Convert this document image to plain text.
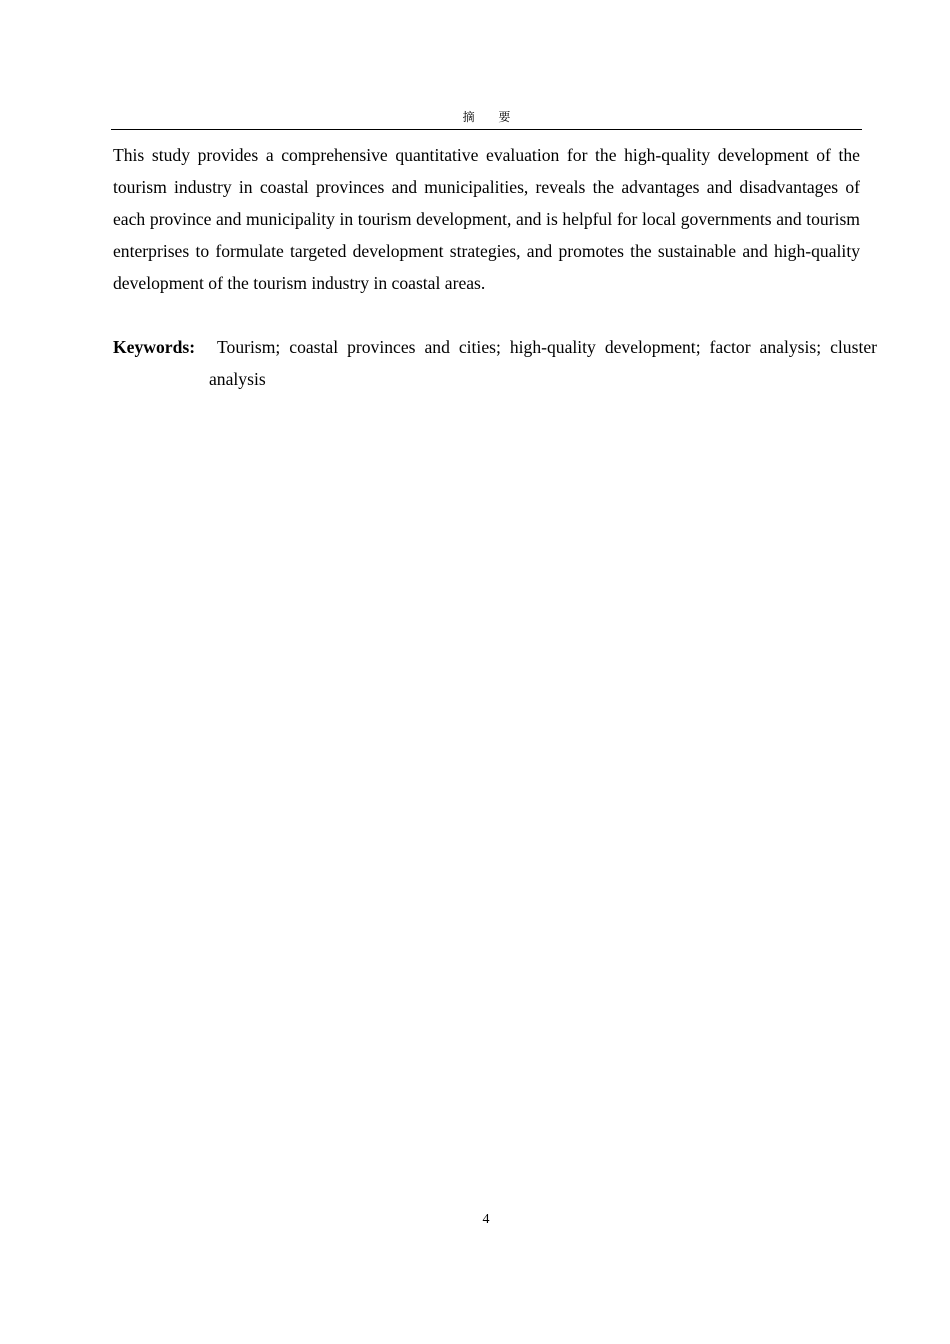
摘 要

This study provides a comprehensive quantitative evaluation for the high-quality development of the tourism industry in coastal provinces and municipalities, reveals the advantages and disadvantages of each province and municipality in tourism development, and is helpful for local governments and tourism enterprises to formulate targeted development strategies, and promotes the sustainable and high-quality development of the tourism industry in coastal areas.

Keywords: Tourism; coastal provinces and cities; high-quality development; factor analysis; cluster analysis

4
